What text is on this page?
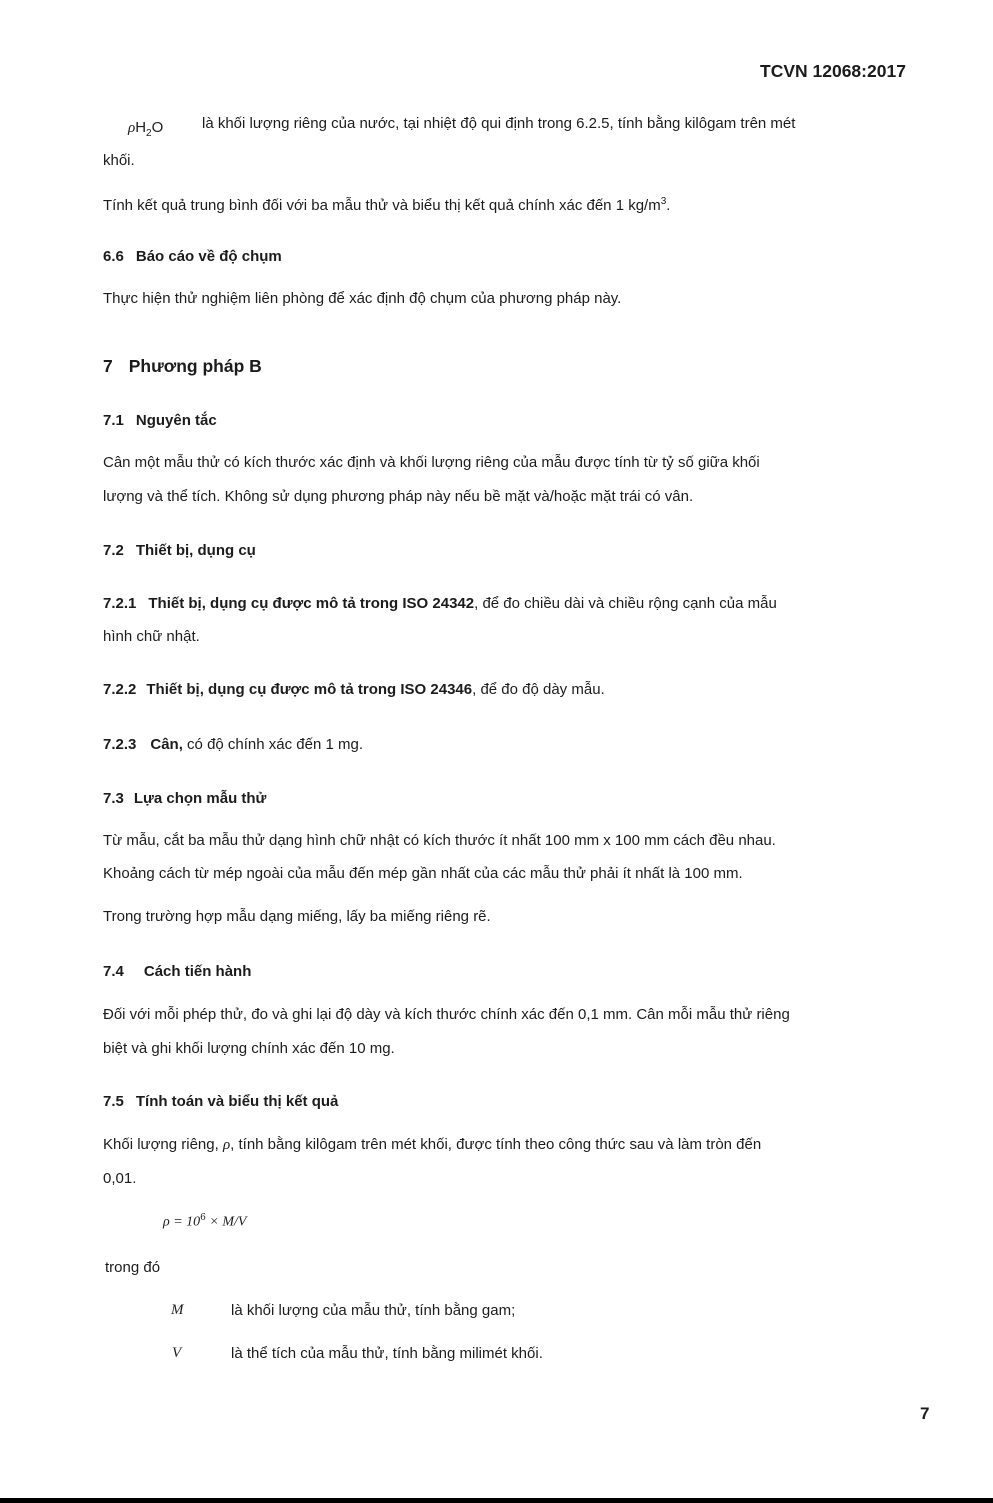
TCVN 12068:2017
$\rho H_2O$	là khối lượng riêng của nước, tại nhiệt độ qui định trong 6.2.5, tính bằng kilôgam trên mét
khối.
Tính kết quả trung bình đối với ba mẫu thử và biểu thị kết quả chính xác đến 1 $kg/m^3$.
6.6 Báo cáo về độ chụm
Thực hiện thử nghiệm liên phòng để xác định độ chụm của phương pháp này.
7 Phương pháp B
7.1 Nguyên tắc
Cân một mẫu thử có kích thước xác định và khối lượng riêng của mẫu được tính từ tỷ số giữa khối
lượng và thể tích. Không sử dụng phương pháp này nếu bề mặt và/hoặc mặt trái có vân.
7.2 Thiết bị, dụng cụ
7.2.1 Thiết bị, dụng cụ được mô tả trong ISO 24342, để đo chiều dài và chiều rộng cạnh của mẫu
hình chữ nhật.
7.2.2 Thiết bị, dụng cụ được mô tả trong ISO 24346, để đo độ dày mẫu.
7.2.3 Cân, có độ chính xác đến 1 mg.
7.3 Lựa chọn mẫu thử
Từ mẫu, cắt ba mẫu thử dạng hình chữ nhật có kích thước ít nhất 100 mm x 100 mm cách đều nhau.
Khoảng cách từ mép ngoài của mẫu đến mép gần nhất của các mẫu thử phải ít nhất là 100 mm.
Trong trường hợp mẫu dạng miếng, lấy ba miếng riêng rẽ.
7.4 Cách tiến hành
Đối với mỗi phép thử, đo và ghi lại độ dày và kích thước chính xác đến 0,1 mm. Cân mỗi mẫu thử riêng
biệt và ghi khối lượng chính xác đến 10 mg.
7.5 Tính toán và biểu thị kết quả
Khối lượng riêng, ρ, tính bằng kilôgam trên mét khối, được tính theo công thức sau và làm tròn đến
0,01.
$\rho = 10^6 \times M/V$
trong đó
M	là khối lượng của mẫu thử, tính bằng gam;
V	là thể tích của mẫu thử, tính bằng milimét khối.
7
